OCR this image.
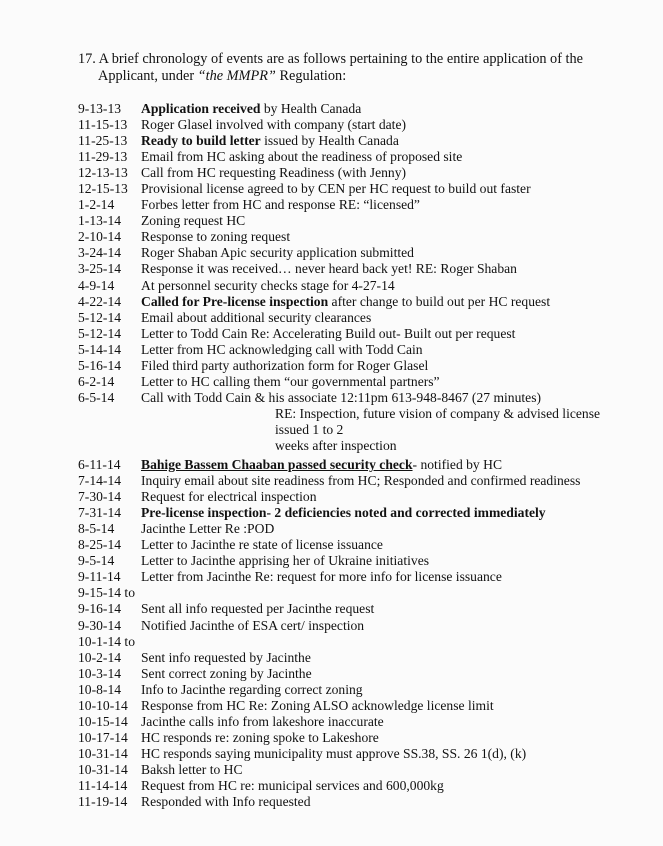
17. A brief chronology of events are as follows pertaining to the entire application of the
Applicant, under “the MMPR” Regulation:
9-13-13	Application received by Health Canada
11-15-13	Roger Glasel involved with company (start date)
11-25-13	Ready to build letter issued by Health Canada
11-29-13	Email from HC asking about the readiness of proposed site
12-13-13 Call from HC requesting Readiness (with Jenny)
12-15-13 Provisional license agreed to by CEN per HC request to build out faster
1-2-14	Forbes letter from HC and response RE: “licensed”
1-13-14	Zoning request HC
2-10-14	Response to zoning request
3-24-14	Roger Shaban Apic security application submitted
3-25-14	Response it was received… never heard back yet! RE: Roger Shaban
4-9-14	At personnel security checks stage for 4-27-14
4-22-14	Called for Pre-license inspection after change to build out per HC request
5-12-14	Email about additional security clearances
5-12-14	Letter to Todd Cain Re: Accelerating Build out- Built out per request
5-14-14	Letter from HC acknowledging call with Todd Cain
5-16-14	Filed third party authorization form for Roger Glasel
6-2-14	Letter to HC calling them “our governmental partners”
6-5-14	Call with Todd Cain & his associate 12:11pm 613-948-8467 (27 minutes)
RE: Inspection, future vision of company & advised license issued 1 to 2
weeks after inspection
6-11-14	Bahige Bassem Chaaban passed security check- notified by HC
7-14-14	Inquiry email about site readiness from HC; Responded and confirmed readiness
7-30-14	Request for electrical inspection
7-31-14	Pre-license inspection- 2 deficiencies noted and corrected immediately
8-5-14	Jacinthe Letter Re :POD
8-25-14	Letter to Jacinthe re state of license issuance
9-5-14	Letter to Jacinthe apprising her of Ukraine initiatives
9-11-14	Letter from Jacinthe Re: request for more info for license issuance
9-15-14 to
9-16-14	Sent all info requested per Jacinthe request
9-30-14	Notified Jacinthe of ESA cert/ inspection
10-1-14 to
10-2-14	Sent info requested by Jacinthe
10-3-14	Sent correct zoning by Jacinthe
10-8-14	Info to Jacinthe regarding correct zoning
10-10-14 Response from HC Re: Zoning ALSO acknowledge license limit
10-15-14 Jacinthe calls info from lakeshore inaccurate
10-17-14 HC responds re: zoning spoke to Lakeshore
10-31-14 HC responds saying municipality must approve SS.38, SS. 26 1(d), (k)
10-31-14 Baksh letter to HC
11-14-14	Request from HC re: municipal services and 600,000kg
11-19-14	Responded with Info requested
